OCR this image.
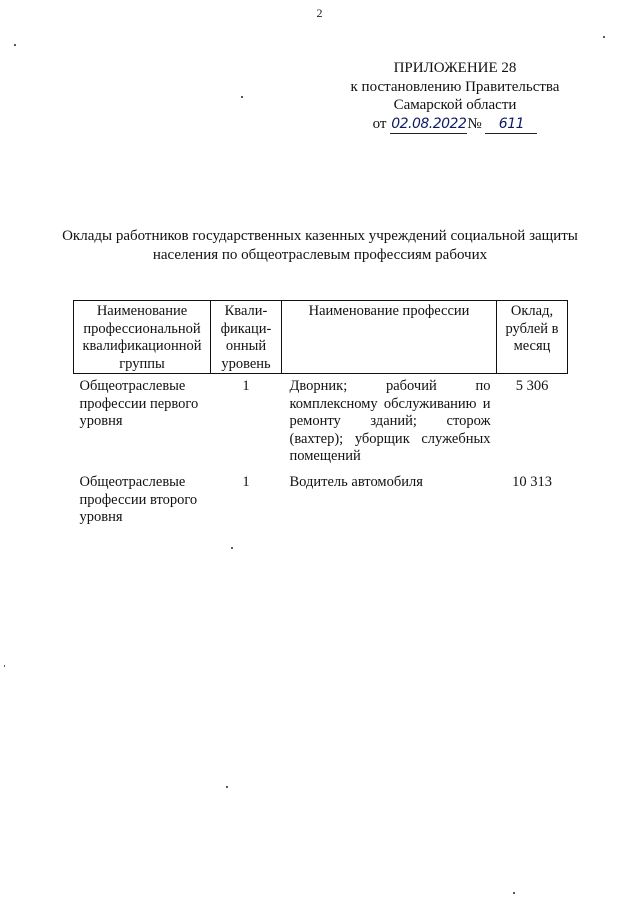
2
ПРИЛОЖЕНИЕ 28
к постановлению Правительства
Самарской области
от 02.08.2022№ 611
Оклады работников государственных казенных учреждений социальной защиты населения по общеотраслевым профессиям рабочих
Наименование профессиональной квалификационной группы	Квали-фикаци-онный уровень	Наименование профессии	Оклад, рублей в месяц
Общеотраслевые профессии первого уровня	1	Дворник; рабочий по комплексному обслуживанию и ремонту зданий; сторож (вахтер); уборщик служебных помещений	5 306
Общеотраслевые профессии второго уровня	1	Водитель автомобиля	10 313
